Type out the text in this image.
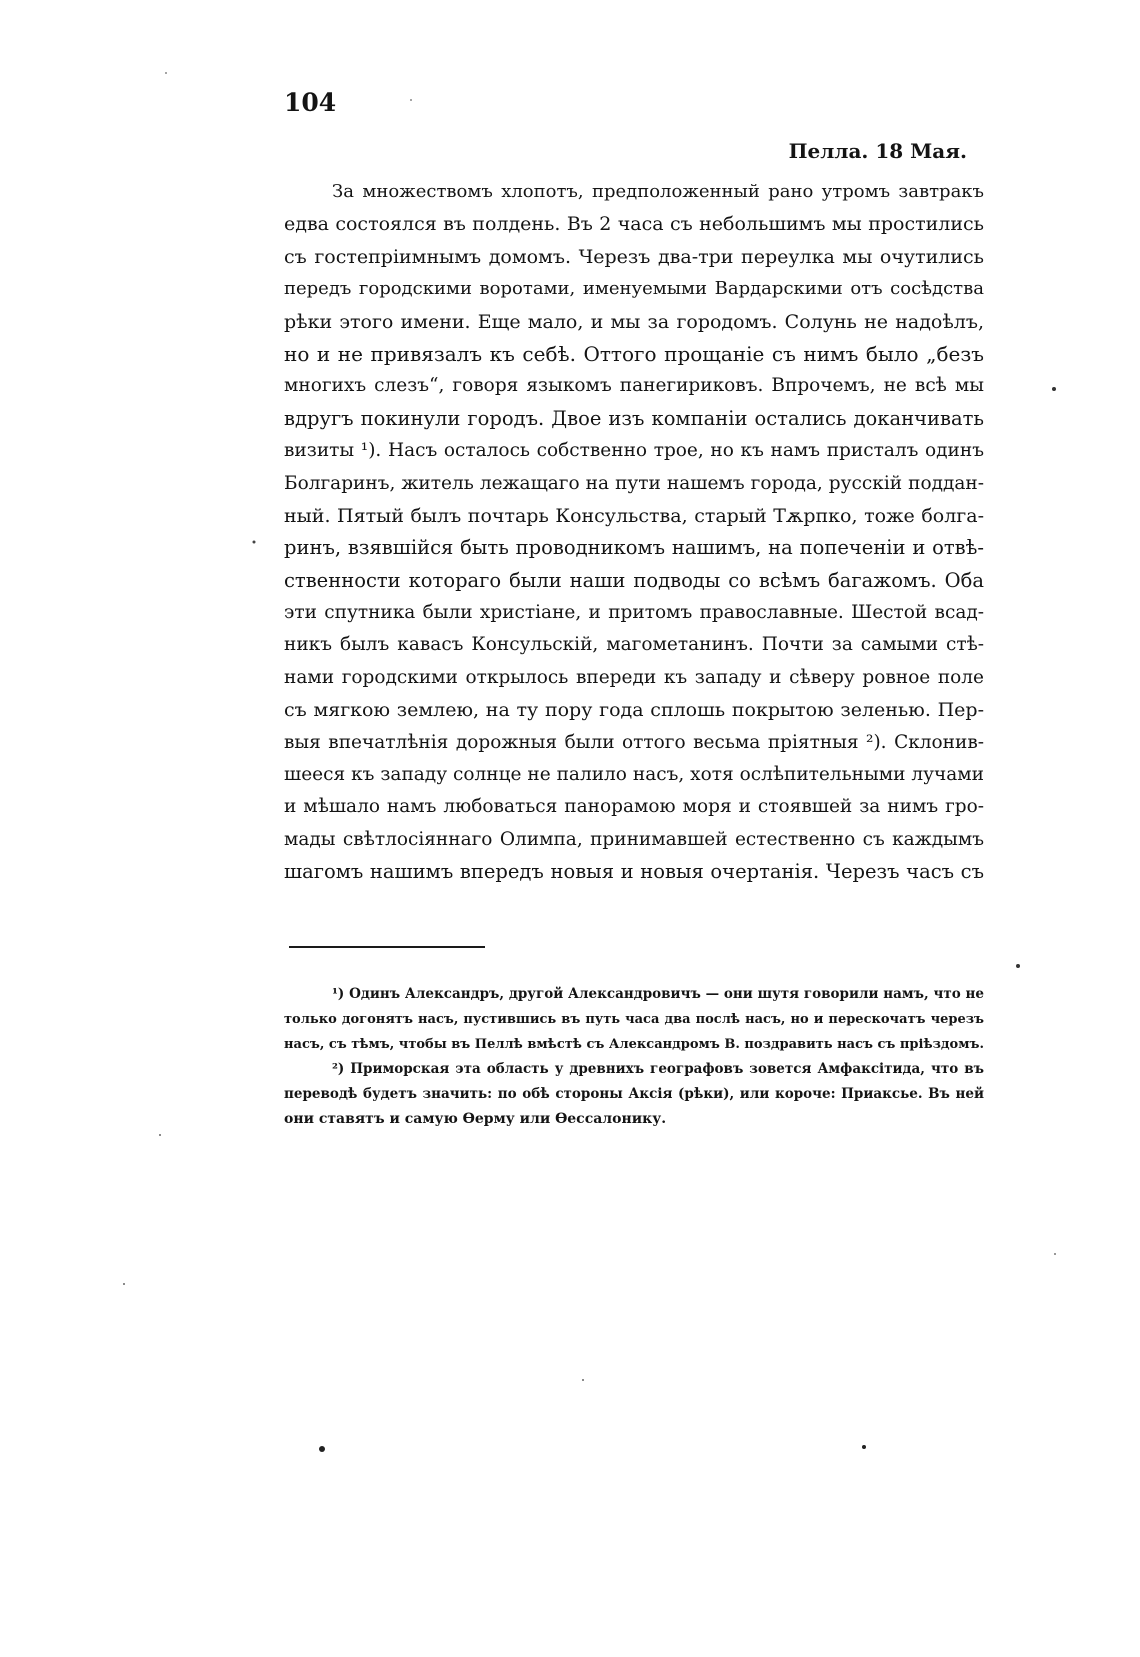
104
Пелла. 18 Мая.
За множествомъ хлопотъ, предположенный рано утромъ завтракъ
едва состоялся въ полдень. Въ 2 часа съ небольшимъ мы простились
съ гостепріимнымъ домомъ. Черезъ два-три переулка мы очутились
передъ городскими воротами, именуемыми Вардарскими отъ сосѣдства
рѣки этого имени. Еще мало, и мы за городомъ. Солунь не надоѣлъ,
но и не привязалъ къ себѣ. Оттого прощаніе съ нимъ было „безъ
многихъ слезъ“, говоря языкомъ панегириковъ. Впрочемъ, не всѣ мы
вдругъ покинули городъ. Двое изъ компаніи остались доканчивать
визиты ¹). Насъ осталось собственно трое, но къ намъ присталъ одинъ
Болгаринъ, житель лежащаго на пути нашемъ города, русскій поддан-
ный. Пятый былъ почтарь Консульства, старый Тѫрпко, тоже болга-
ринъ, взявшійся быть проводникомъ нашимъ, на попеченіи и отвѣ-
ственности котораго были наши подводы со всѣмъ багажомъ. Оба
эти спутника были христіане, и притомъ православные. Шестой всад-
никъ былъ кавасъ Консульскій, магометанинъ. Почти за самыми стѣ-
нами городскими открылось впереди къ западу и сѣверу ровное поле
съ мягкою землею, на ту пору года сплошь покрытою зеленью. Пер-
выя впечатлѣнія дорожныя были оттого весьма пріятныя ²). Склонив-
шееся къ западу солнце не палило насъ, хотя ослѣпительными лучами
и мѣшало намъ любоваться панорамою моря и стоявшей за нимъ гро-
мады свѣтлосіяннаго Олимпа, принимавшей естественно съ каждымъ
шагомъ нашимъ впередъ новыя и новыя очертанія. Черезъ часъ съ
¹) Одинъ Александръ, другой Александровичъ — они шутя говорили намъ, что не
только догонятъ насъ, пустившись въ путь часа два послѣ насъ, но и перескочатъ черезъ
насъ, съ тѣмъ, чтобы въ Пеллѣ вмѣстѣ съ Александромъ В. поздравить насъ съ пріѣздомъ.
²) Приморская эта область у древнихъ географовъ зовется Амфаксітида, что въ
переводѣ будетъ значить: по обѣ стороны Аксія (рѣки), или короче: Приаксье. Въ ней
они ставятъ и самую Ѳерму или Ѳессалонику.
